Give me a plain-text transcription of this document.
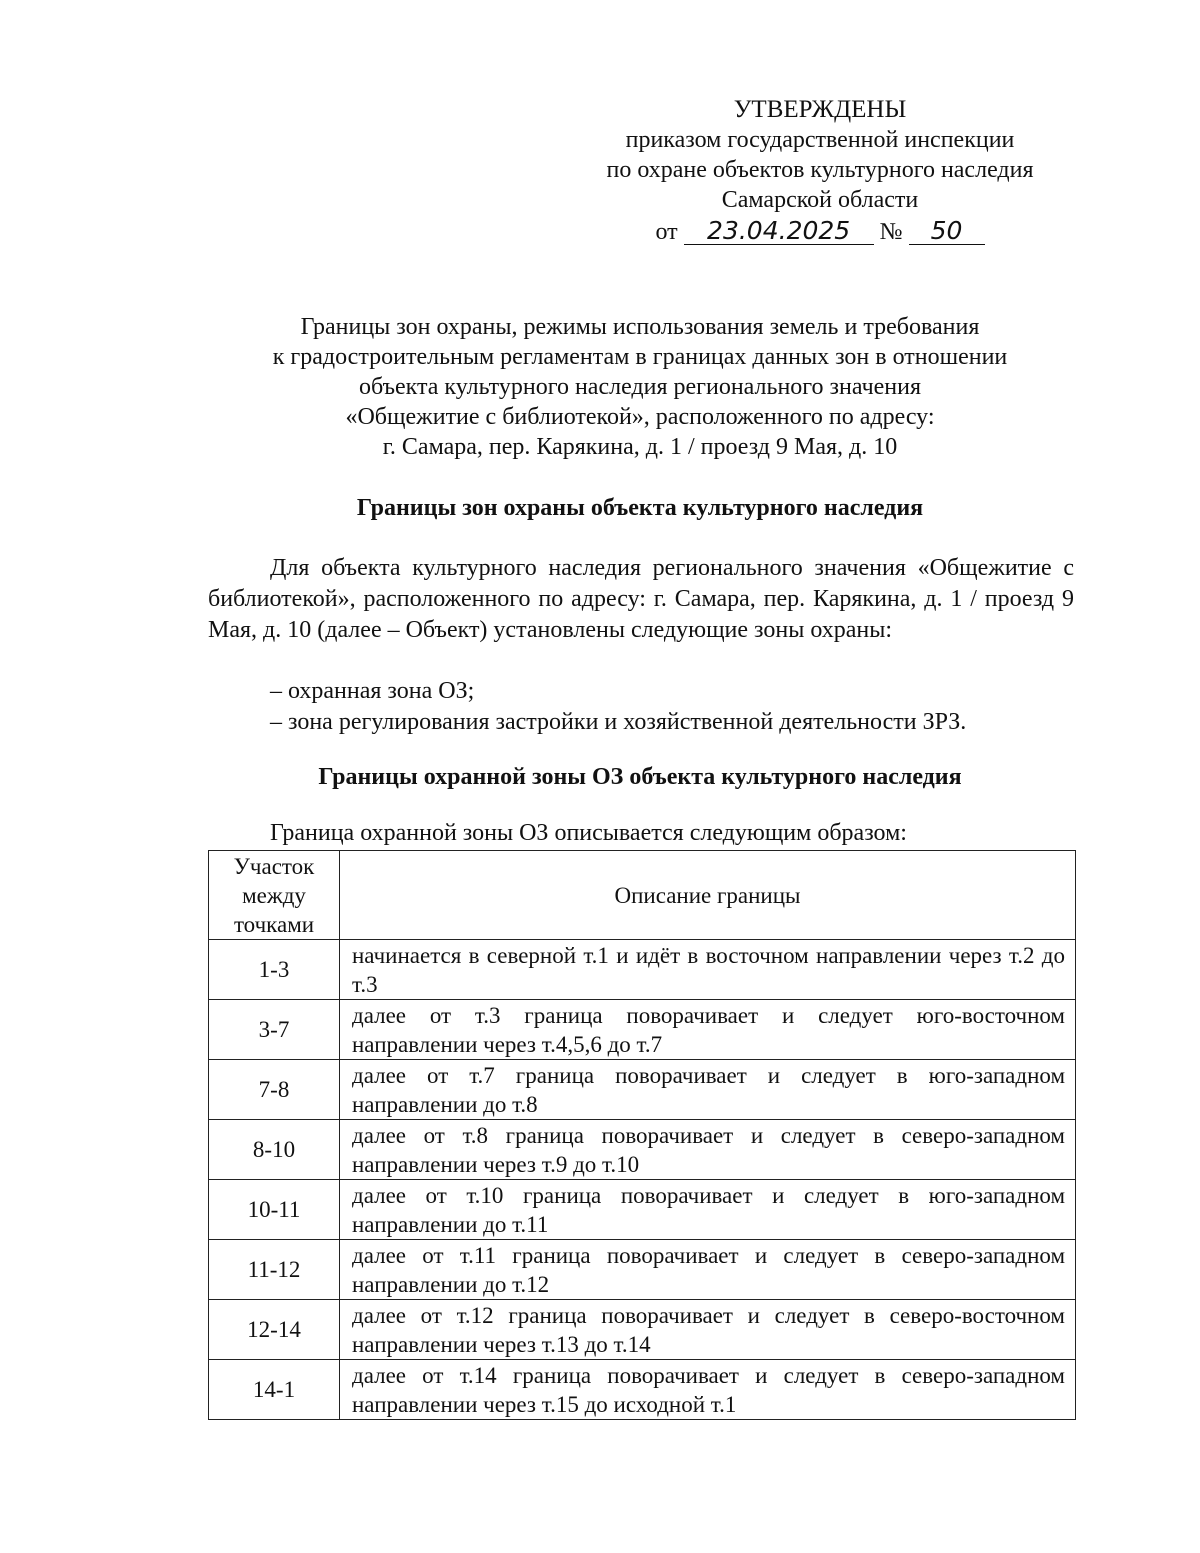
УТВЕРЖДЕНЫ
приказом государственной инспекции
по охране объектов культурного наследия
Самарской области
от 23.04.2025 № 50
Границы зон охраны, режимы использования земель и требования
к градостроительным регламентам в границах данных зон в отношении
объекта культурного наследия регионального значения
«Общежитие с библиотекой», расположенного по адресу:
г. Самара, пер. Карякина, д. 1 / проезд 9 Мая, д. 10
Границы зон охраны объекта культурного наследия
Для объекта культурного наследия регионального значения «Общежитие с библиотекой», расположенного по адресу: г. Самара, пер. Карякина, д. 1 / проезд 9 Мая, д. 10 (далее – Объект) установлены следующие зоны охраны:
– охранная зона ОЗ;
– зона регулирования застройки и хозяйственной деятельности ЗРЗ.
Границы охранной зоны ОЗ объекта культурного наследия
Граница охранной зоны ОЗ описывается следующим образом:
Участок
между
точками	Описание границы
1-3	начинается в северной т.1 и идёт в восточном направлении через т.2 до т.3
3-7	далее от т.3 граница поворачивает и следует юго-восточном направлении через т.4,5,6 до т.7
7-8	далее от т.7 граница поворачивает и следует в юго-западном направлении до т.8
8-10	далее от т.8 граница поворачивает и следует в северо-западном направлении через т.9 до т.10
10-11	далее от т.10 граница поворачивает и следует в юго-западном направлении до т.11
11-12	далее от т.11 граница поворачивает и следует в северо-западном направлении до т.12
12-14	далее от т.12 граница поворачивает и следует в северо-восточном направлении через т.13 до т.14
14-1	далее от т.14 граница поворачивает и следует в северо-западном направлении через т.15 до исходной т.1
